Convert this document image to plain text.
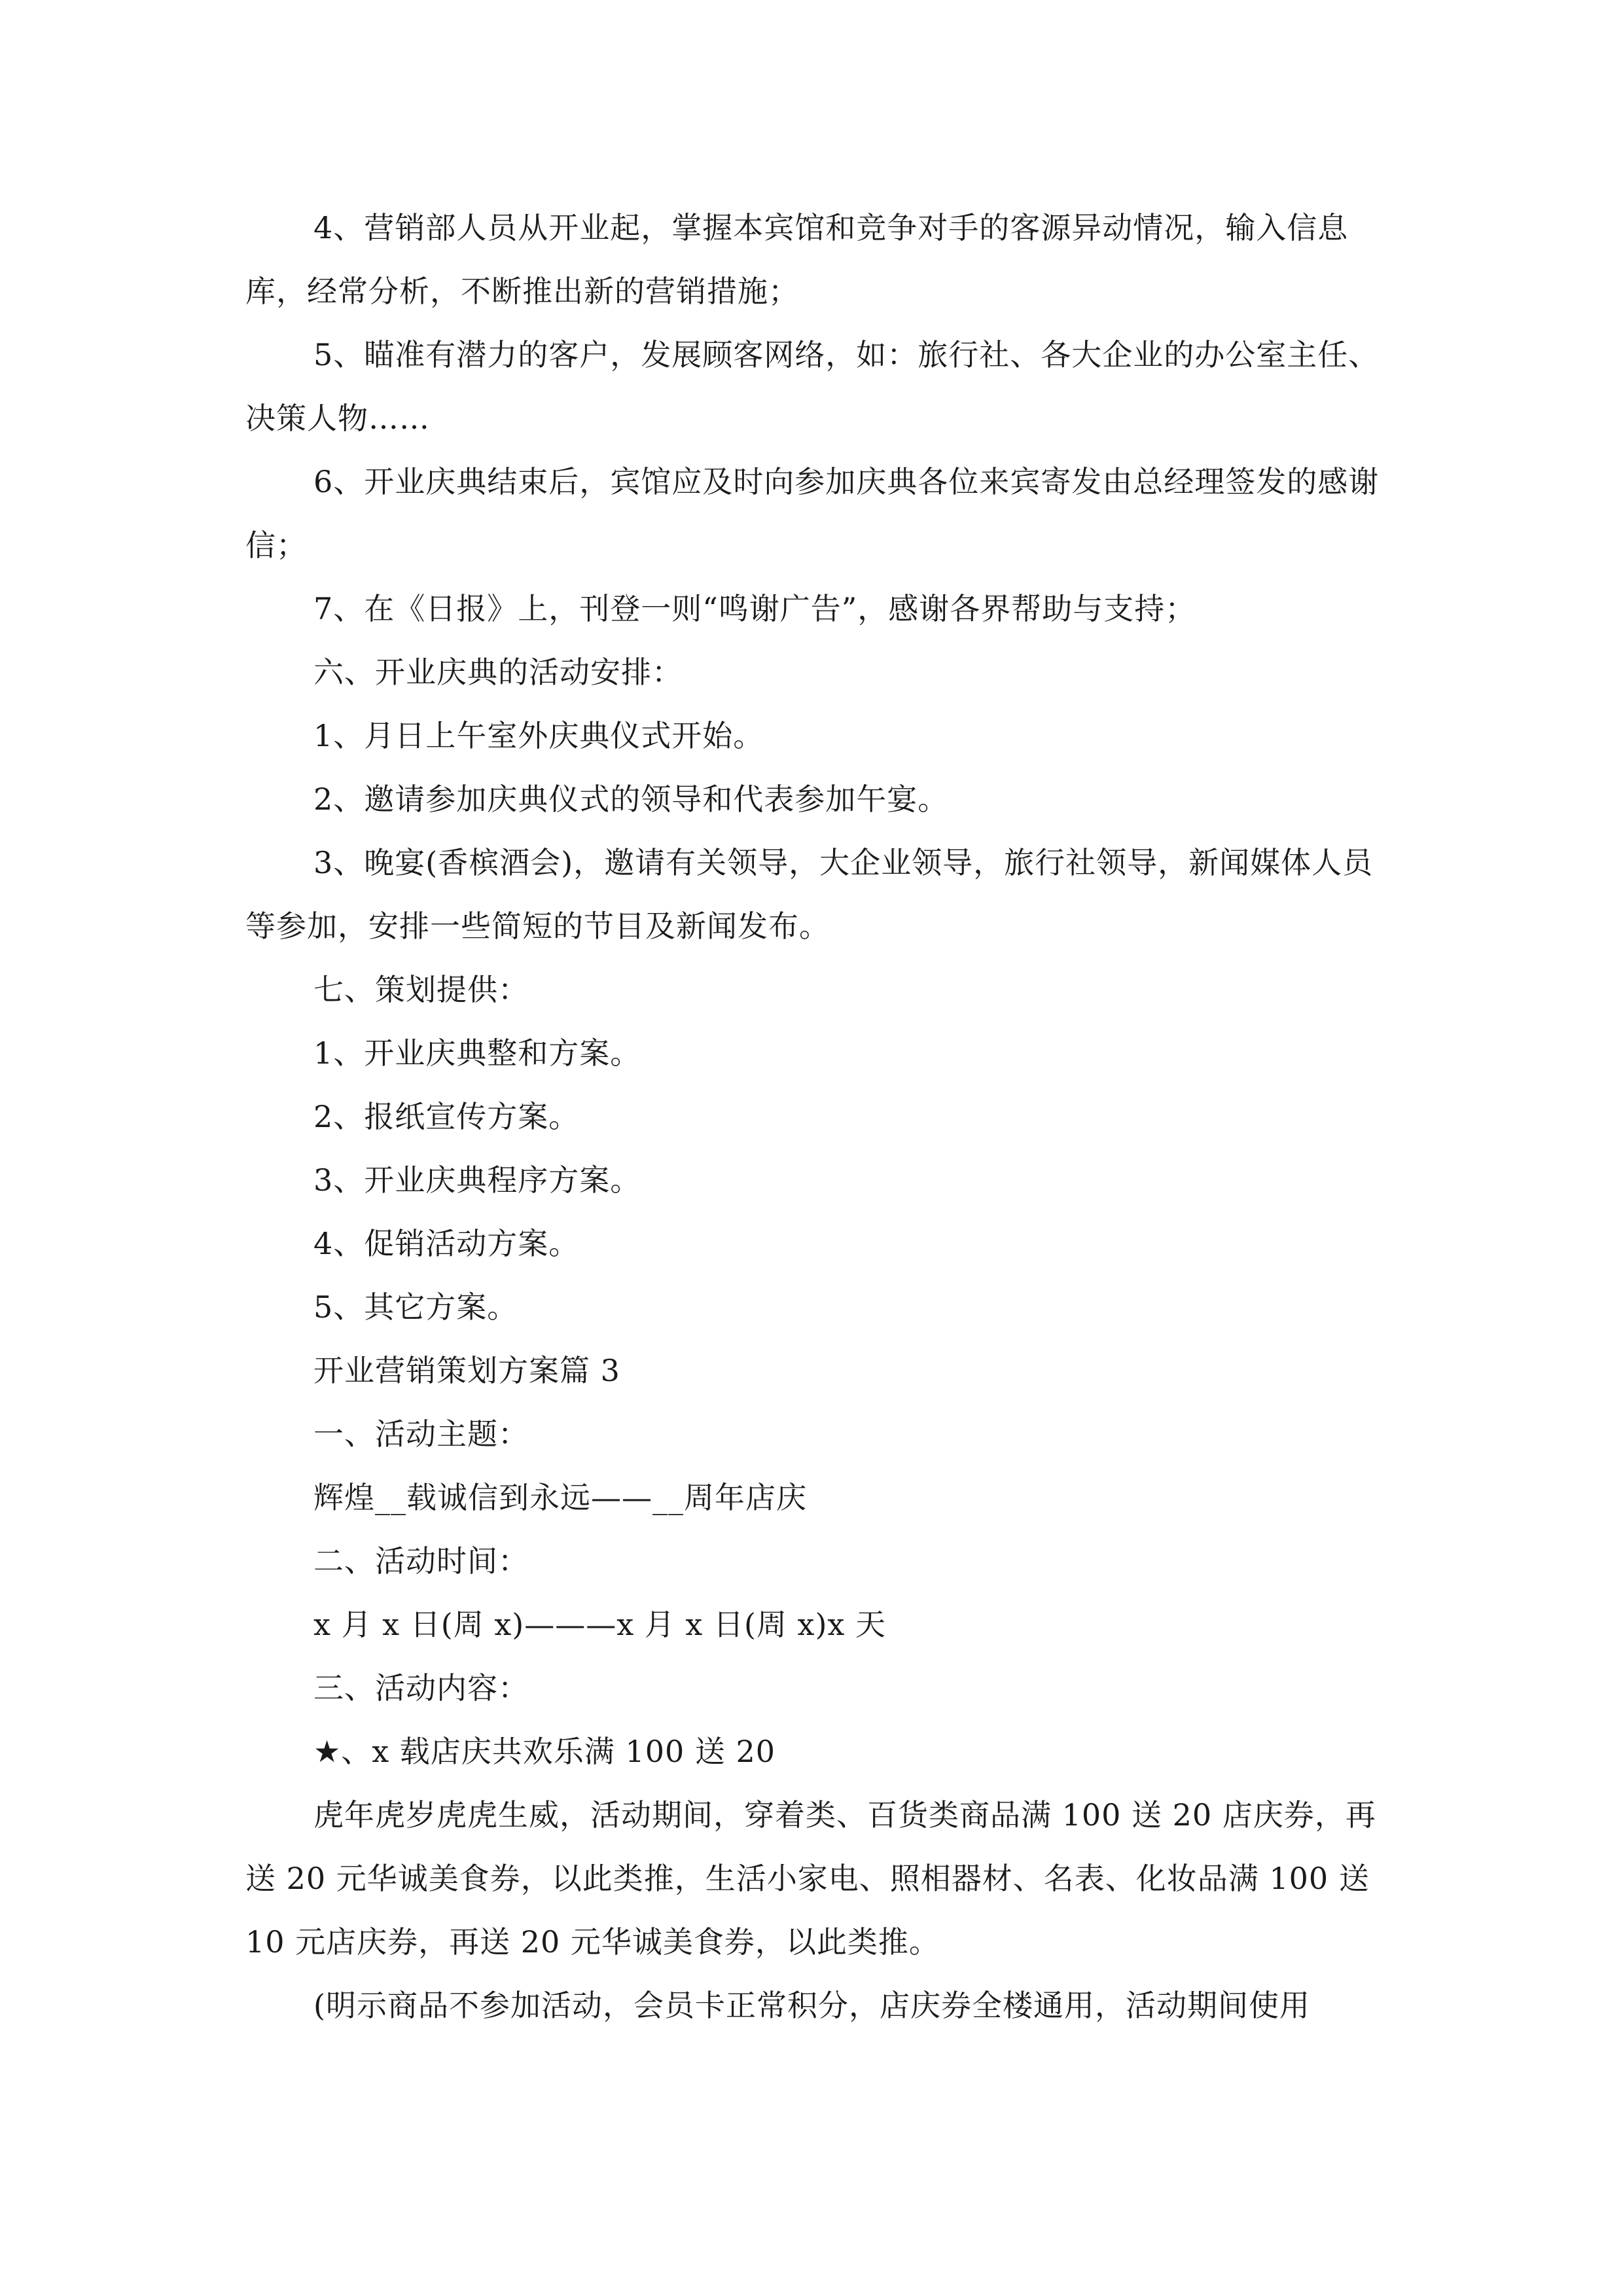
4、营销部人员从开业起，掌握本宾馆和竞争对手的客源异动情况，输入信息库，经常分析，不断推出新的营销措施；

5、瞄准有潜力的客户，发展顾客网络，如：旅行社、各大企业的办公室主任、决策人物……

6、开业庆典结束后，宾馆应及时向参加庆典各位来宾寄发由总经理签发的感谢信；

7、在《日报》上，刊登一则“鸣谢广告”，感谢各界帮助与支持；

六、开业庆典的活动安排：

1、月日上午室外庆典仪式开始。

2、邀请参加庆典仪式的领导和代表参加午宴。

3、晚宴(香槟酒会)，邀请有关领导，大企业领导，旅行社领导，新闻媒体人员等参加，安排一些简短的节目及新闻发布。

七、策划提供：

1、开业庆典整和方案。

2、报纸宣传方案。

3、开业庆典程序方案。

4、促销活动方案。

5、其它方案。

开业营销策划方案篇 3

一、活动主题：

辉煌__载诚信到永远——__周年店庆

二、活动时间：

x 月 x 日(周 x)———x 月 x 日(周 x)x 天

三、活动内容：

★、x 载店庆共欢乐满 100 送 20

虎年虎岁虎虎生威，活动期间，穿着类、百货类商品满 100 送 20 店庆券，再送 20 元华诚美食券，以此类推，生活小家电、照相器材、名表、化妆品满 100 送 10 元店庆券，再送 20 元华诚美食券，以此类推。

(明示商品不参加活动，会员卡正常积分，店庆券全楼通用，活动期间使用
